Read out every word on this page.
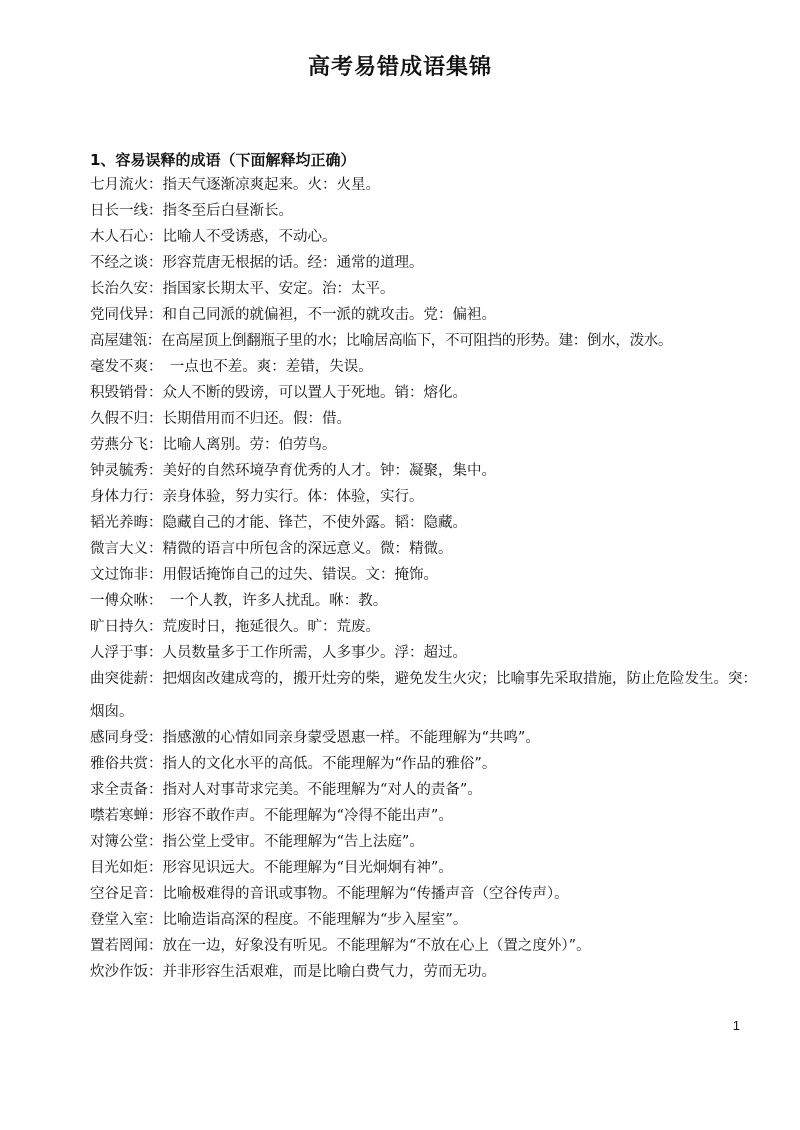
高考易错成语集锦
1、容易误释的成语（下面解释均正确）
七月流火：指天气逐渐凉爽起来。火：火星。
日长一线：指冬至后白昼渐长。
木人石心：比喻人不受诱惑，不动心。
不经之谈：形容荒唐无根据的话。经：通常的道理。
长治久安：指国家长期太平、安定。治：太平。
党同伐异：和自己同派的就偏袒，不一派的就攻击。党：偏袒。
高屋建瓴：在高屋顶上倒翻瓶子里的水；比喻居高临下，不可阻挡的形势。建：倒水，泼水。
毫发不爽：　一点也不差。爽：差错，失误。
积毁销骨：众人不断的毁谤，可以置人于死地。销：熔化。
久假不归：长期借用而不归还。假：借。
劳燕分飞：比喻人离别。劳：伯劳鸟。
钟灵毓秀：美好的自然环境孕育优秀的人才。钟：凝聚，集中。
身体力行：亲身体验，努力实行。体：体验，实行。
韬光养晦：隐藏自己的才能、锋芒，不使外露。韬：隐藏。
微言大义：精微的语言中所包含的深远意义。微：精微。
文过饰非：用假话掩饰自己的过失、错误。文：掩饰。
一傅众咻：　一个人教，许多人扰乱。咻：教。
旷日持久：荒废时日，拖延很久。旷：荒废。
人浮于事：人员数量多于工作所需，人多事少。浮：超过。
曲突徙薪：把烟囱改建成弯的，搬开灶旁的柴，避免发生火灾；比喻事先采取措施，防止危险发生。突：烟囱。
感同身受：指感激的心情如同亲身蒙受恩惠一样。不能理解为“共鸣”。
雅俗共赏：指人的文化水平的高低。不能理解为“作品的雅俗”。
求全责备：指对人对事苛求完美。不能理解为“对人的责备”。
噤若寒蝉：形容不敢作声。不能理解为“冷得不能出声”。
对簿公堂：指公堂上受审。不能理解为“告上法庭”。
目光如炬：形容见识远大。不能理解为“目光炯炯有神”。
空谷足音：比喻极难得的音讯或事物。不能理解为“传播声音（空谷传声）。
登堂入室：比喻造诣高深的程度。不能理解为“步入屋室”。
置若罔闻：放在一边，好象没有听见。不能理解为“不放在心上（置之度外）”。
炊沙作饭：并非形容生活艰难，而是比喻白费气力，劳而无功。
1
